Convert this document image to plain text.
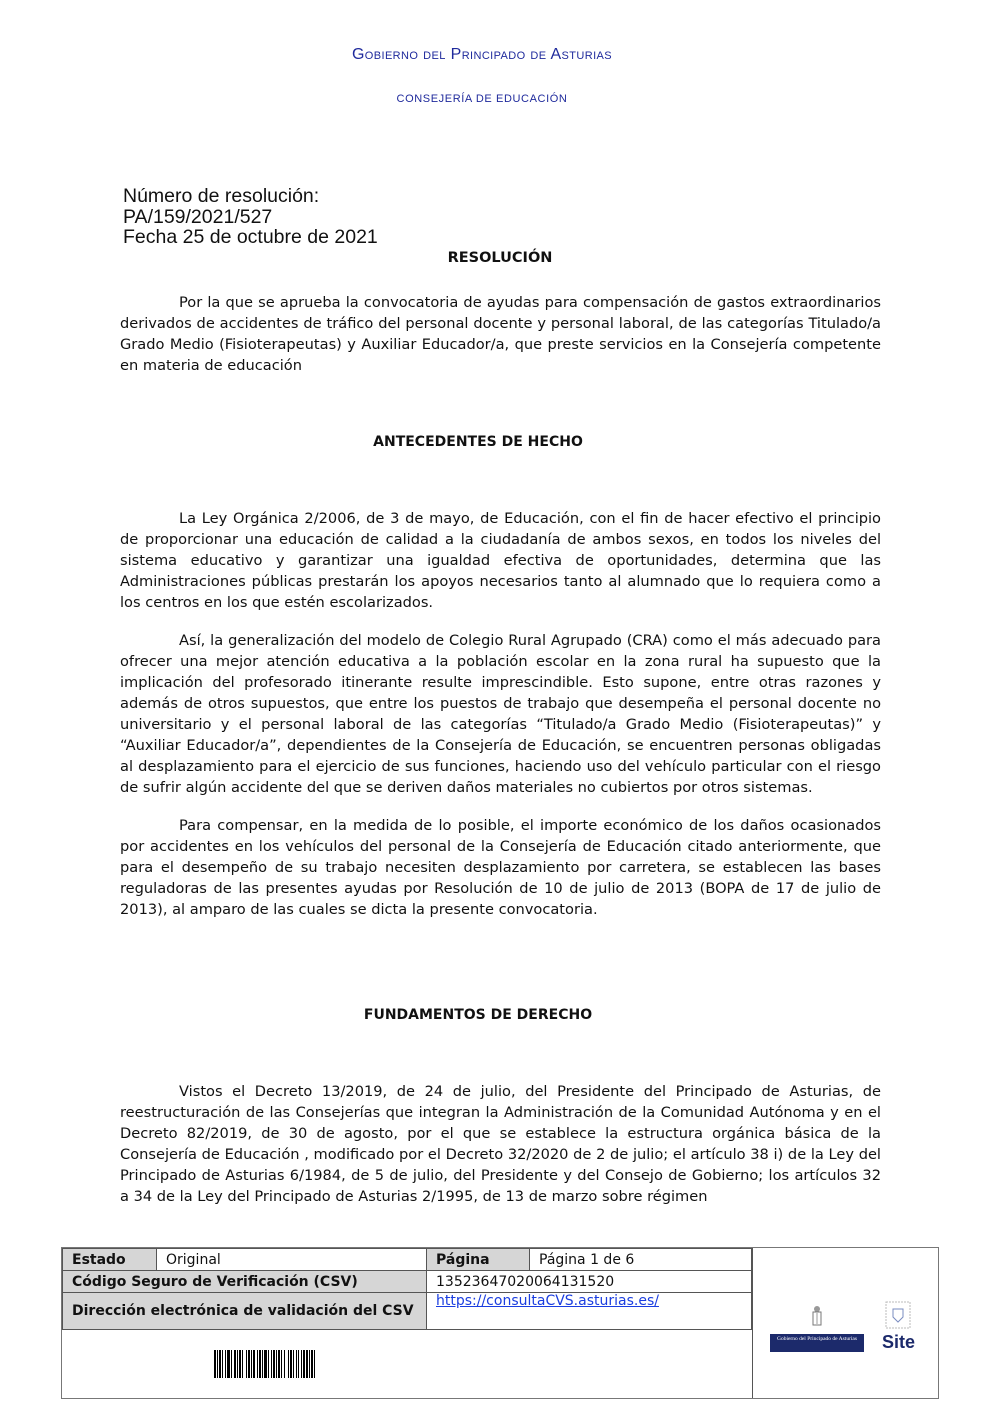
Gobierno del Principado de Asturias
CONSEJERÍA DE EDUCACIÓN
Número de resolución:
PA/159/2021/527
Fecha 25 de octubre de 2021
RESOLUCIÓN

Por la que se aprueba la convocatoria de ayudas para compensación de gastos extraordinarios derivados de accidentes de tráfico del personal docente y personal laboral, de las categorías Titulado/a Grado Medio (Fisioterapeutas) y Auxiliar Educador/a, que preste servicios en la Consejería competente en materia de educación

ANTECEDENTES DE HECHO

La Ley Orgánica 2/2006, de 3 de mayo, de Educación, con el fin de hacer efectivo el principio de proporcionar una educación de calidad a la ciudadanía de ambos sexos, en todos los niveles del sistema educativo y garantizar una igualdad efectiva de oportunidades, determina que las Administraciones públicas prestarán los apoyos necesarios tanto al alumnado que lo requiera como a los centros en los que estén escolarizados.

Así, la generalización del modelo de Colegio Rural Agrupado (CRA) como el más adecuado para ofrecer una mejor atención educativa a la población escolar en la zona rural ha supuesto que la implicación del profesorado itinerante resulte imprescindible. Esto supone, entre otras razones y además de otros supuestos, que entre los puestos de trabajo que desempeña el personal docente no universitario y el personal laboral de las categorías “Titulado/a Grado Medio (Fisioterapeutas)” y “Auxiliar Educador/a”, dependientes de la Consejería de Educación, se encuentren personas obligadas al desplazamiento para el ejercicio de sus funciones, haciendo uso del vehículo particular con el riesgo de sufrir algún accidente del que se deriven daños materiales no cubiertos por otros sistemas.

Para compensar, en la medida de lo posible, el importe económico de los daños ocasionados por accidentes en los vehículos del personal de la Consejería de Educación citado anteriormente, que para el desempeño de su trabajo necesiten desplazamiento por carretera, se establecen las bases reguladoras de las presentes ayudas por Resolución de 10 de julio de 2013 (BOPA de 17 de julio de 2013), al amparo de las cuales se dicta la presente convocatoria.

FUNDAMENTOS DE DERECHO

Vistos el Decreto 13/2019, de 24 de julio, del Presidente del Principado de Asturias, de reestructuración de las Consejerías que integran la Administración de la Comunidad Autónoma y en el Decreto 82/2019, de 30 de agosto, por el que se establece la estructura orgánica básica de la Consejería de Educación , modificado por el Decreto 32/2020 de 2 de julio; el artículo 38 i) de la Ley del Principado de Asturias 6/1984, de 5 de julio, del Presidente y del Consejo de Gobierno; los artículos 32 a 34 de la Ley del Principado de Asturias 2/1995, de 13 de marzo sobre régimen

Estado	Original	Página	Página 1 de 6
Código Seguro de Verificación (CSV)		13523647020064131520	
Dirección electrónica de validación del CSV		https://consultaCVS.asturias.es/	
Gobierno del Principado de Asturias	Site
